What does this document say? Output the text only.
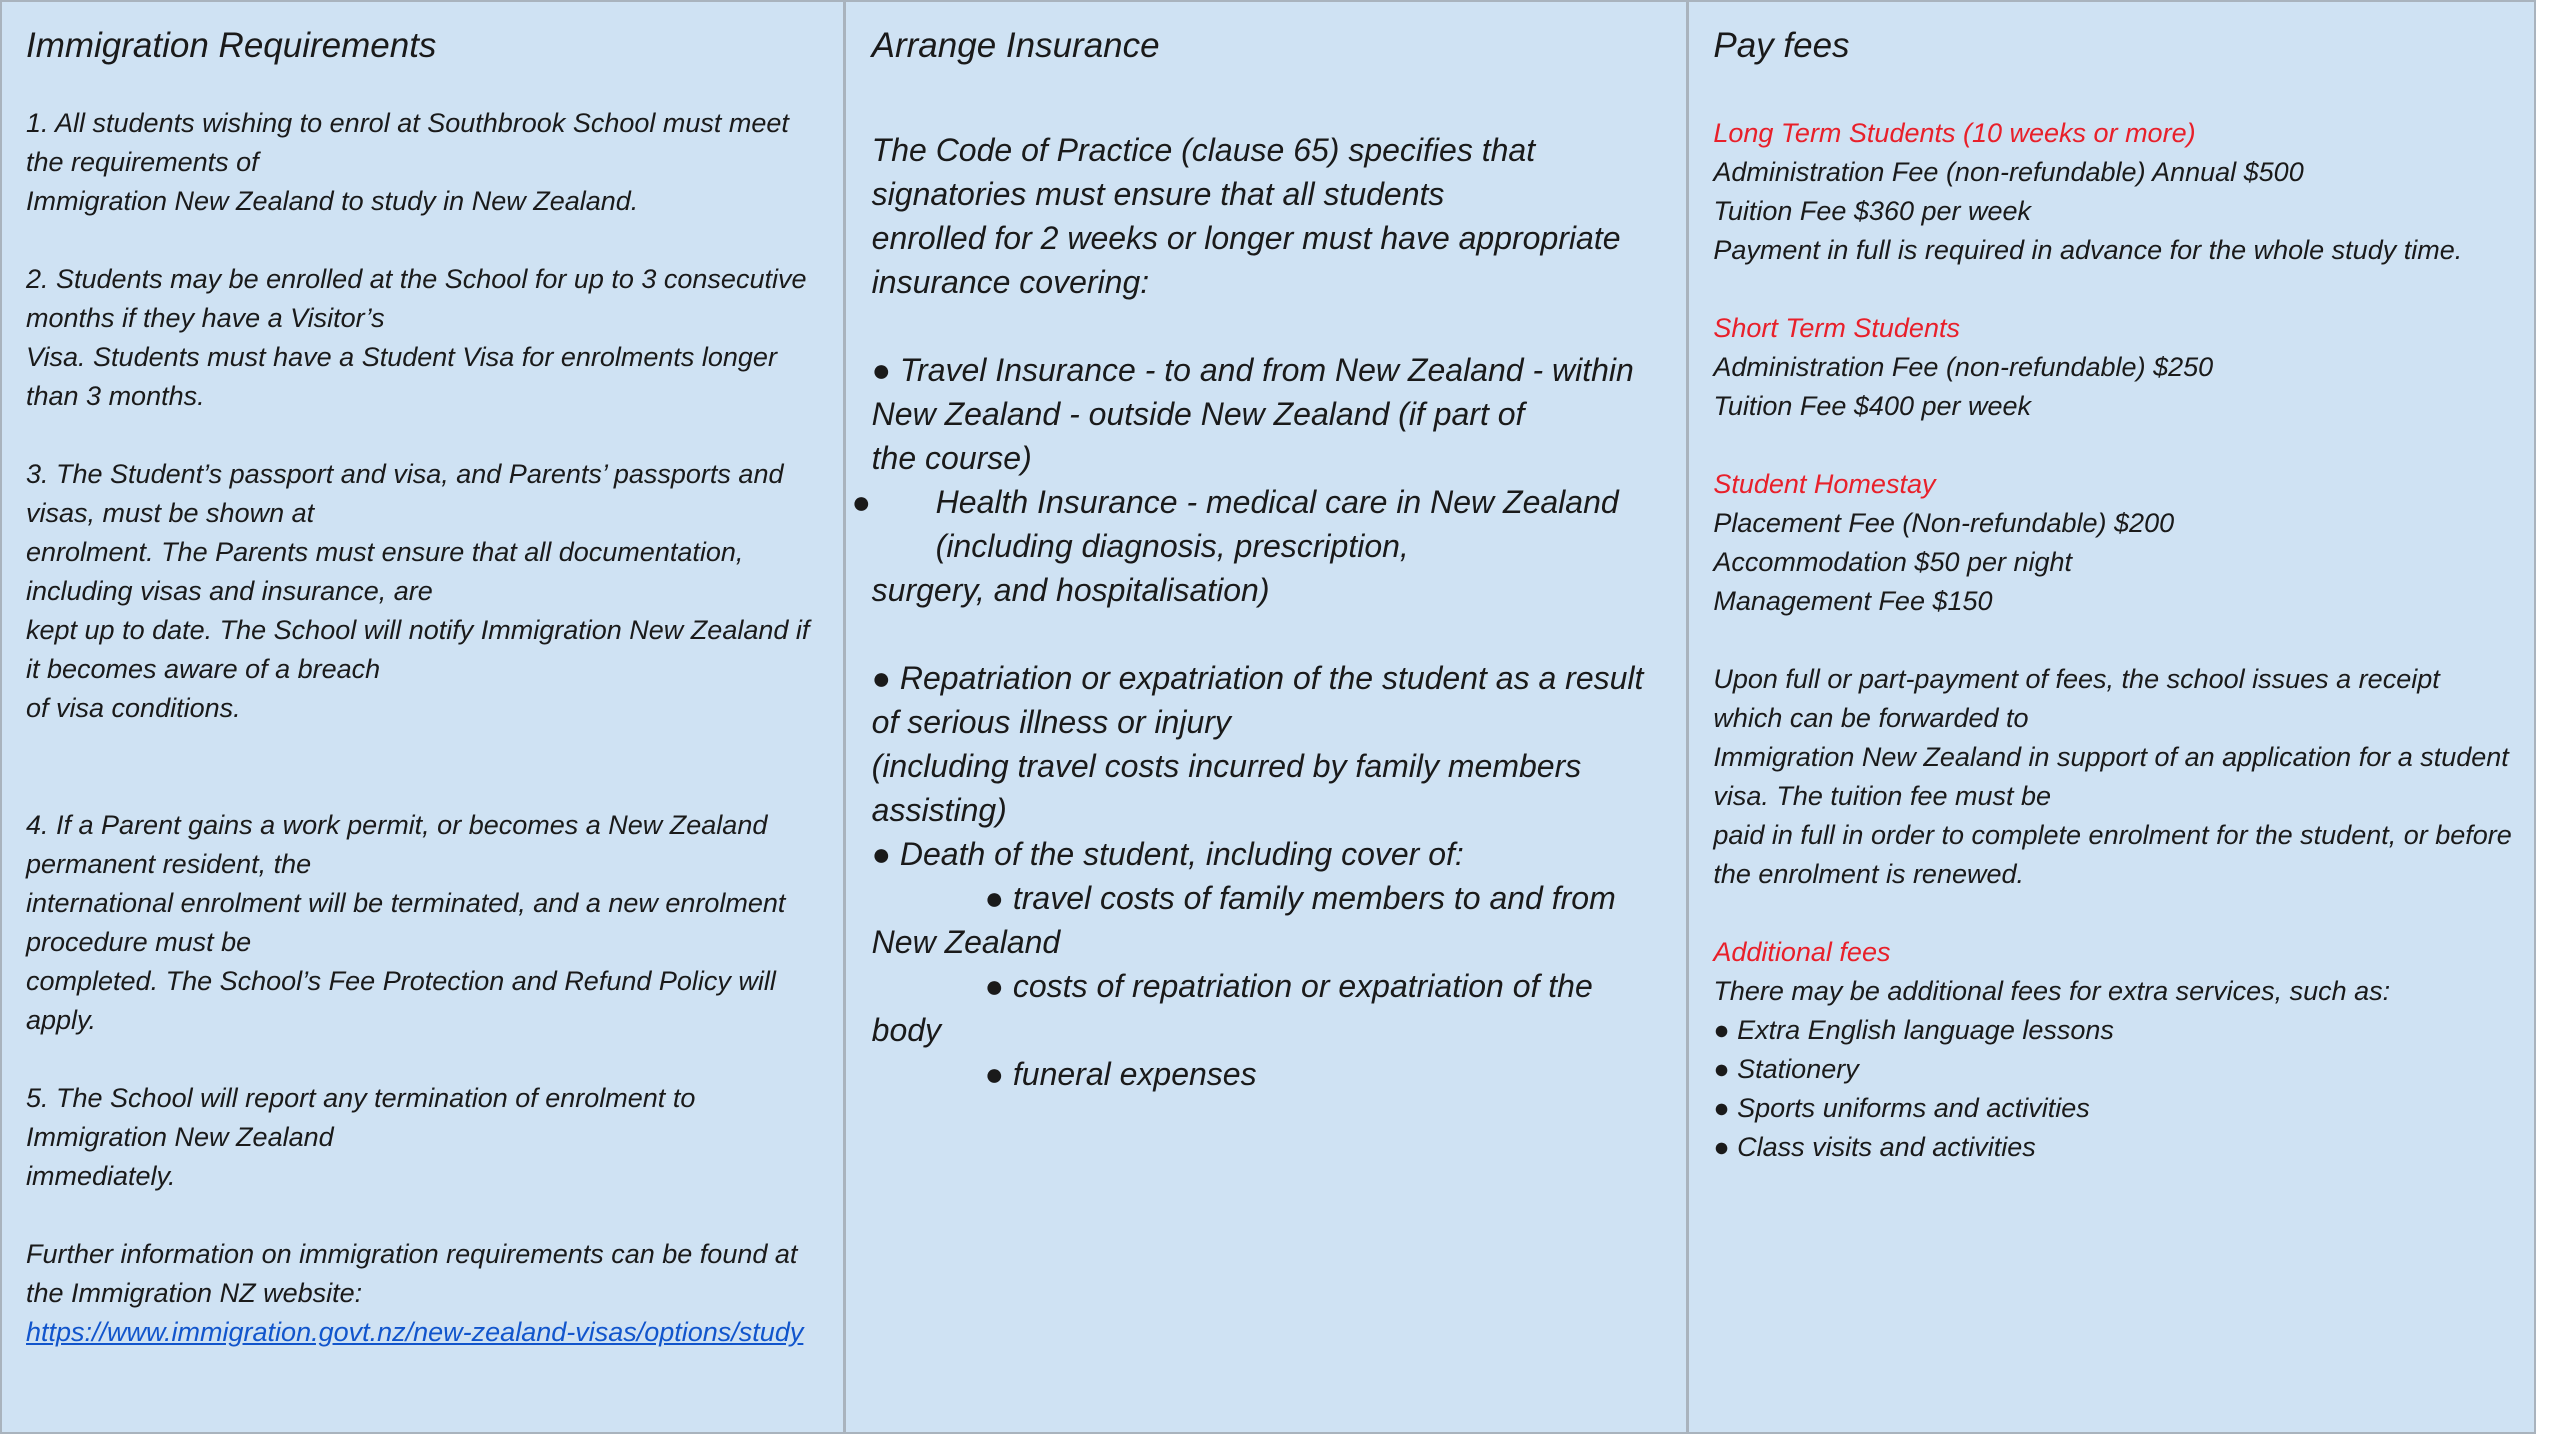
Immigration Requirements

1. All students wishing to enrol at Southbrook School must meet the requirements of
Immigration New Zealand to study in New Zealand.

2. Students may be enrolled at the School for up to 3 consecutive months if they have a Visitor’s
Visa. Students must have a Student Visa for enrolments longer than 3 months.

3. The Student’s passport and visa, and Parents’ passports and visas, must be shown at
enrolment. The Parents must ensure that all documentation, including visas and insurance, are
kept up to date. The School will notify Immigration New Zealand if it becomes aware of a breach
of visa conditions.

4. If a Parent gains a work permit, or becomes a New Zealand permanent resident, the
international enrolment will be terminated, and a new enrolment procedure must be
completed. The School’s Fee Protection and Refund Policy will apply.

5. The School will report any termination of enrolment to Immigration New Zealand
immediately.

Further information on immigration requirements can be found at the Immigration NZ website:
https://www.immigration.govt.nz/new-zealand-visas/options/study

Arrange Insurance

The Code of Practice (clause 65) specifies that signatories must ensure that all students
enrolled for 2 weeks or longer must have appropriate insurance covering:

● Travel Insurance - to and from New Zealand - within New Zealand - outside New Zealand (if part of
the course)

● Health Insurance - medical care in New Zealand (including diagnosis, prescription,
surgery, and hospitalisation)

● Repatriation or expatriation of the student as a result of serious illness or injury
(including travel costs incurred by family members assisting)

● Death of the student, including cover of:

● travel costs of family members to and from
New Zealand

● costs of repatriation or expatriation of the
body

● funeral expenses

Pay fees

Long Term Students (10 weeks or more)

Administration Fee (non-refundable) Annual $500

Tuition Fee $360 per week

Payment in full is required in advance for the whole study time.

Short Term Students

Administration Fee (non-refundable) $250

Tuition Fee $400 per week

Student Homestay

Placement Fee (Non-refundable) $200

Accommodation $50 per night

Management Fee $150

Upon full or part-payment of fees, the school issues a receipt which can be forwarded to
Immigration New Zealand in support of an application for a student visa. The tuition fee must be
paid in full in order to complete enrolment for the student, or before the enrolment is renewed.

Additional fees

There may be additional fees for extra services, such as:

● Extra English language lessons

● Stationery

● Sports uniforms and activities

● Class visits and activities
